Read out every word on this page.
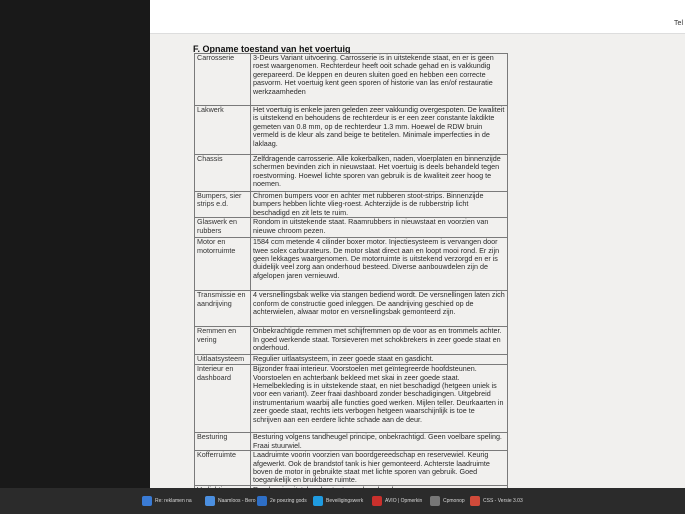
Tel
F. Opname toestand van het voertuig
Carrosserie	3-Deurs Variant uitvoering. Carrosserie is in uitstekende staat, en er is geen roest waargenomen. Rechterdeur heeft ooit schade gehad en is vakkundig gerepareerd. De kleppen en deuren sluiten goed en hebben een correcte pasvorm. Het voertuig kent geen sporen of historie van las en/of restauratie werkzaamheden
Lakwerk	Het voertuig is enkele jaren geleden zeer vakkundig overgespoten. De kwaliteit is uitstekend en behoudens de rechterdeur is er een zeer constante lakdikte gemeten van 0.8 mm, op de rechterdeur 1.3 mm. Hoewel de RDW bruin vermeld is de kleur als zand beige te betitelen. Minimale imperfecties in de laklaag.
Chassis	Zelfdragende carrosserie. Alle kokerbalken, naden, vloerplaten en binnenzijde schermen bevinden zich in nieuwstaat. Het voertuig is deels behandeld tegen roestvorming. Hoewel lichte sporen van gebruik is de kwaliteit zeer hoog te noemen.
Bumpers, sier strips e.d.	Chromen bumpers voor en achter met rubberen stoot-strips. Binnenzijde bumpers hebben lichte vlieg-roest. Achterzijde is de rubberstrip licht beschadigd en zit lets te ruim.
Glaswerk en rubbers	Rondom in uitstekende staat. Raamrubbers in nieuwstaat en voorzien van nieuwe chroom pezen.
Motor en motorruimte	1584 ccm metende 4 cilinder boxer motor. Injectiesysteem is vervangen door twee solex carburateurs. De motor slaat direct aan en loopt mooi rond. Er zijn geen lekkages waargenomen. De motorruimte is uitstekend verzorgd en er is duidelijk veel zorg aan onderhoud besteed. Diverse aanbouwdelen zijn de afgelopen jaren vernieuwd.
Transmissie en aandrijving	4 versnellingsbak welke via stangen bediend wordt. De versnellingen laten zich conform de constructie goed inleggen. De aandrijving geschied op de achterwielen, alwaar motor en versnellingsbak gemonteerd zijn.
Remmen en vering	Onbekrachtigde remmen met schijfremmen op de voor as en trommels achter. In goed werkende staat. Torsieveren met schokbrekers in zeer goede staat en onderhoud.
Uitlaatsysteem	Regulier uitlaatsysteem, in zeer goede staat en gasdicht.
Interieur en dashboard	Bijzonder fraai interieur. Voorstoelen met geïntegreerde hoofdsteunen. Voorstoelen en achterbank bekleed met skai in zeer goede staat. Hemelbekleding is in uitstekende staat, en niet beschadigd (hetgeen uniek is voor een variant). Zeer fraai dashboard zonder beschadigingen. Uitgebreid instrumentarium waarbij alle functies goed werken. Mijlen teller. Deurkaarten in zeer goede staat, rechts iets verbogen hetgeen waarschijnlijk is toe te schrijven aan een eerdere lichte schade aan de deur.
Besturing	Besturing volgens tandheugel principe, onbekrachtigd. Geen voelbare speling. Fraai stuurwiel.
Kofferruimte	Laadruimte voorin voorzien van boordgereedschap en reservewiel. Keurig afgewerkt. Ook de brandstof tank is hier gemonteerd. Achterste laadruimte boven de motor in gebruikte staat met lichte sporen van gebruik. Goed toegankelijk en bruikbare ruimte.

Re: reklamen na	Naamloos - Bero	2e poezing gods	Beveiligingswerk	AVIO | Opmerkin	Cpmonop	CSS - Versie 3.03
